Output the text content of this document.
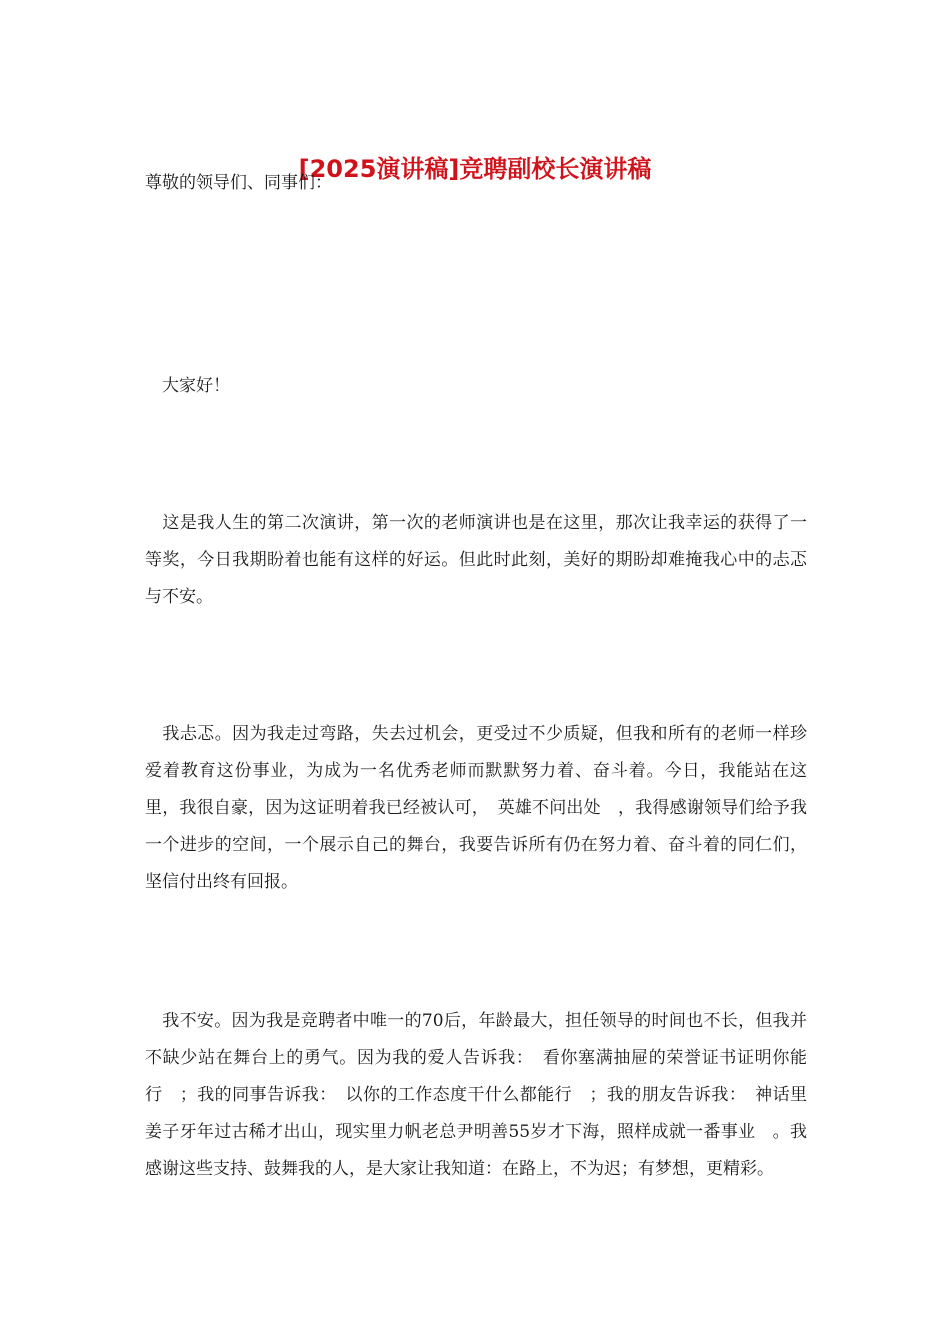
[2025演讲稿]竞聘副校长演讲稿

尊敬的领导们、同事们：

　大家好！

　这是我人生的第二次演讲，第一次的老师演讲也是在这里，那次让我幸运的获得了一等奖，今日我期盼着也能有这样的好运。但此时此刻，美好的期盼却难掩我心中的忐忑与不安。

　我忐忑。因为我走过弯路，失去过机会，更受过不少质疑，但我和所有的老师一样珍爱着教育这份事业，为成为一名优秀老师而默默努力着、奋斗着。今日，我能站在这里，我很自豪，因为这证明着我已经被认可，　英雄不问出处　，我得感谢领导们给予我一个进步的空间，一个展示自己的舞台，我要告诉所有仍在努力着、奋斗着的同仁们，坚信付出终有回报。

　我不安。因为我是竞聘者中唯一的70后，年龄最大，担任领导的时间也不长，但我并不缺少站在舞台上的勇气。因为我的爱人告诉我：　看你塞满抽屉的荣誉证书证明你能行　；我的同事告诉我：　以你的工作态度干什么都能行　；我的朋友告诉我：　神话里姜子牙年过古稀才出山，现实里力帆老总尹明善55岁才下海，照样成就一番事业　。我感谢这些支持、鼓舞我的人，是大家让我知道：在路上，不为迟；有梦想，更精彩。
